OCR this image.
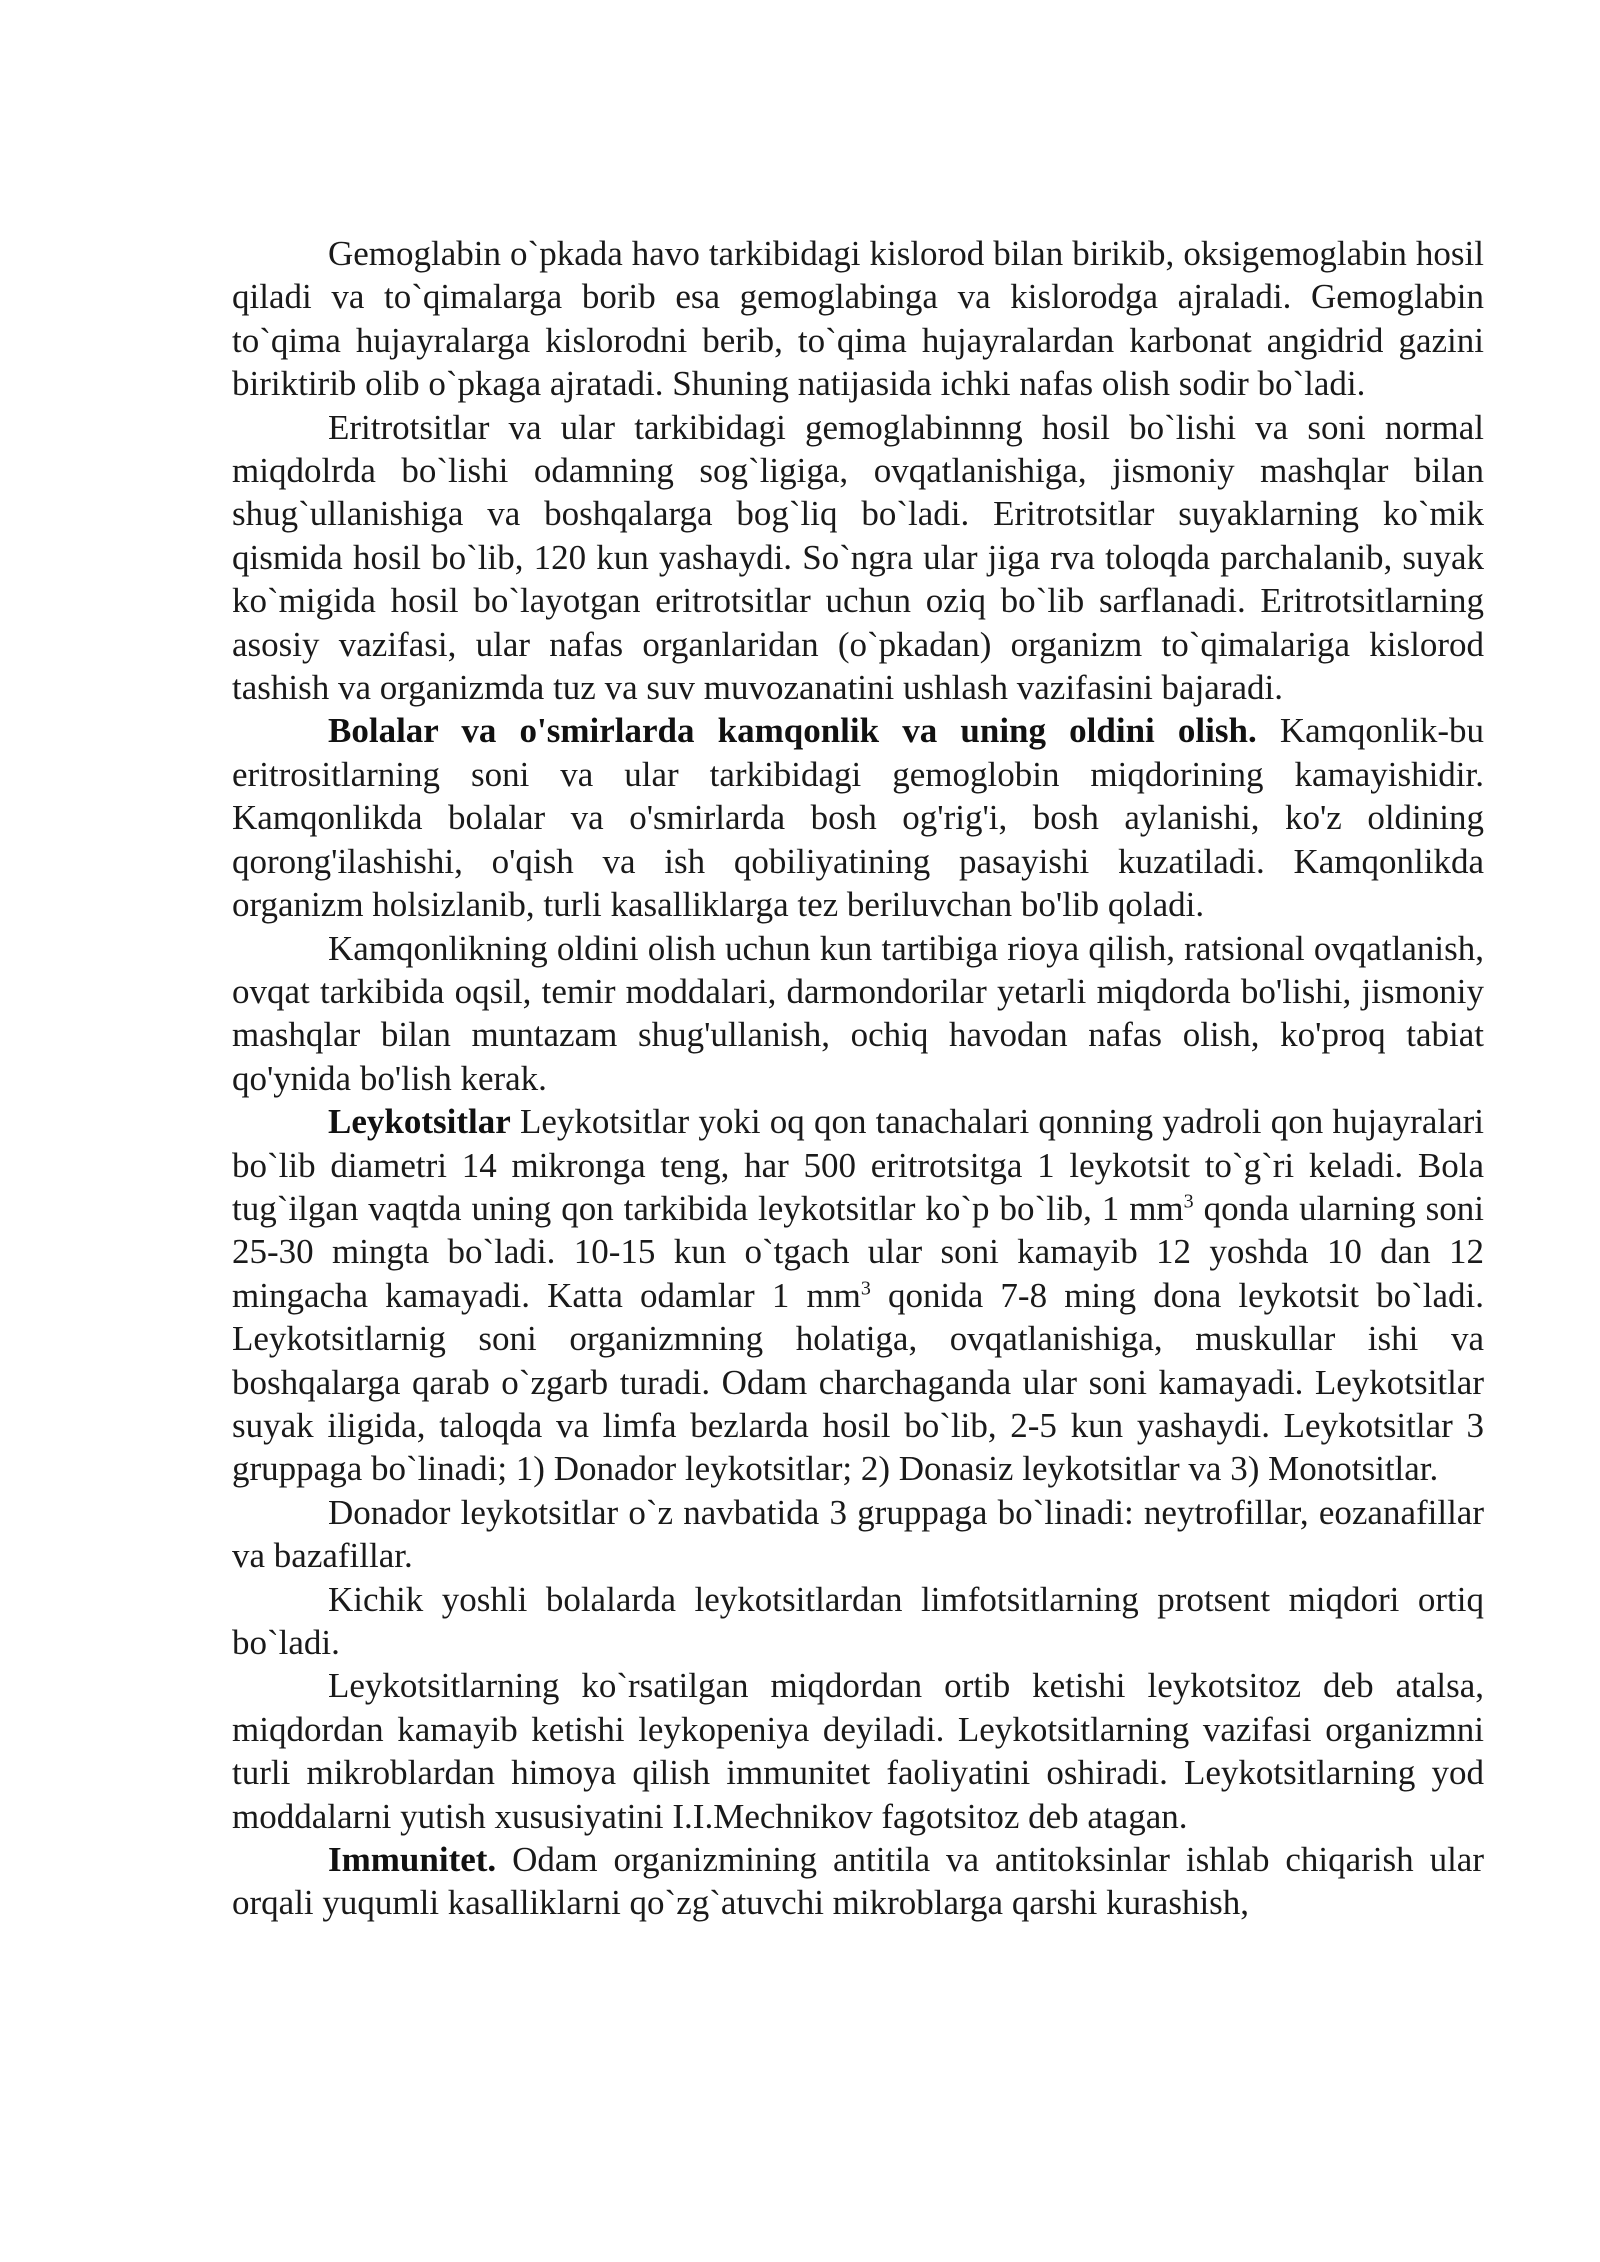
Gemoglabin o`pkada havo tarkibidagi kislorod bilan birikib, oksigemoglabin hosil qiladi va to`qimalarga borib esa gemoglabinga va kislorodga ajraladi. Gemoglabin to`qima hujayralarga kislorodni berib, to`qima hujayralardan karbonat angidrid gazini biriktirib olib o`pkaga ajratadi. Shuning natijasida ichki nafas olish sodir bo`ladi.

Eritrotsitlar va ular tarkibidagi gemoglabinnng hosil bo`lishi va soni normal miqdolrda bo`lishi odamning sog`ligiga, ovqatlanishiga, jismoniy mashqlar bilan shug`ullanishiga va boshqalarga bog`liq bo`ladi. Eritrotsitlar suyaklarning ko`mik qismida hosil bo`lib, 120 kun yashaydi. So`ngra ular jiga rva toloqda parchalanib, suyak ko`migida hosil bo`layotgan eritrotsitlar uchun oziq bo`lib sarflanadi. Eritrotsitlarning asosiy vazifasi, ular nafas organlaridan (o`pkadan) organizm to`qimalariga kislorod tashish va organizmda tuz va suv muvozanatini ushlash vazifasini bajaradi.

Bolalar va o'smirlarda kamqonlik va uning oldini olish. Kamqonlik-bu eritrositlarning soni va ular tarkibidagi gemoglobin miqdorining kamayishidir. Kamqonlikda bolalar va o'smirlarda bosh og'rig'i, bosh aylanishi, ko'z oldining qorong'ilashishi, o'qish va ish qobiliyatining pasayishi kuzatiladi. Kamqonlikda organizm holsizlanib, turli kasalliklarga tez beriluvchan bo'lib qoladi.

Kamqonlikning oldini olish uchun kun tartibiga rioya qilish, ratsional ovqatlanish, ovqat tarkibida oqsil, temir moddalari, darmondorilar yetarli miqdorda bo'lishi, jismoniy mashqlar bilan muntazam shug'ullanish, ochiq havodan nafas olish, ko'proq tabiat qo'ynida bo'lish kerak.

Leykotsitlar Leykotsitlar yoki oq qon tanachalari qonning yadroli qon hujayralari bo`lib diametri 14 mikronga teng, har 500 eritrotsitga 1 leykotsit to`g`ri keladi. Bola tug`ilgan vaqtda uning qon tarkibida leykotsitlar ko`p bo`lib, 1 $mm^3$ qonda ularning soni 25-30 mingta bo`ladi. 10-15 kun o`tgach ular soni kamayib 12 yoshda 10 dan 12 mingacha kamayadi. Katta odamlar 1 $mm^3$ qonida 7-8 ming dona leykotsit bo`ladi. Leykotsitlarnig soni organizmning holatiga, ovqatlanishiga, muskullar ishi va boshqalarga qarab o`zgarb turadi. Odam charchaganda ular soni kamayadi. Leykotsitlar suyak iligida, taloqda va limfa bezlarda hosil bo`lib, 2-5 kun yashaydi. Leykotsitlar 3 gruppaga bo`linadi; 1) Donador leykotsitlar; 2) Donasiz leykotsitlar va 3) Monotsitlar.

Donador leykotsitlar o`z navbatida 3 gruppaga bo`linadi: neytrofillar, eozanafillar va bazafillar.

Kichik yoshli bolalarda leykotsitlardan limfotsitlarning protsent miqdori ortiq bo`ladi.

Leykotsitlarning ko`rsatilgan miqdordan ortib ketishi leykotsitoz deb atalsa, miqdordan kamayib ketishi leykopeniya deyiladi. Leykotsitlarning vazifasi organizmni turli mikroblardan himoya qilish immunitet faoliyatini oshiradi. Leykotsitlarning yod moddalarni yutish xususiyatini I.I.Mechnikov fagotsitoz deb atagan.

Immunitet. Odam organizmining antitila va antitoksinlar ishlab chiqarish ular orqali yuqumli kasalliklarni qo`zg`atuvchi mikroblarga qarshi kurashish,
